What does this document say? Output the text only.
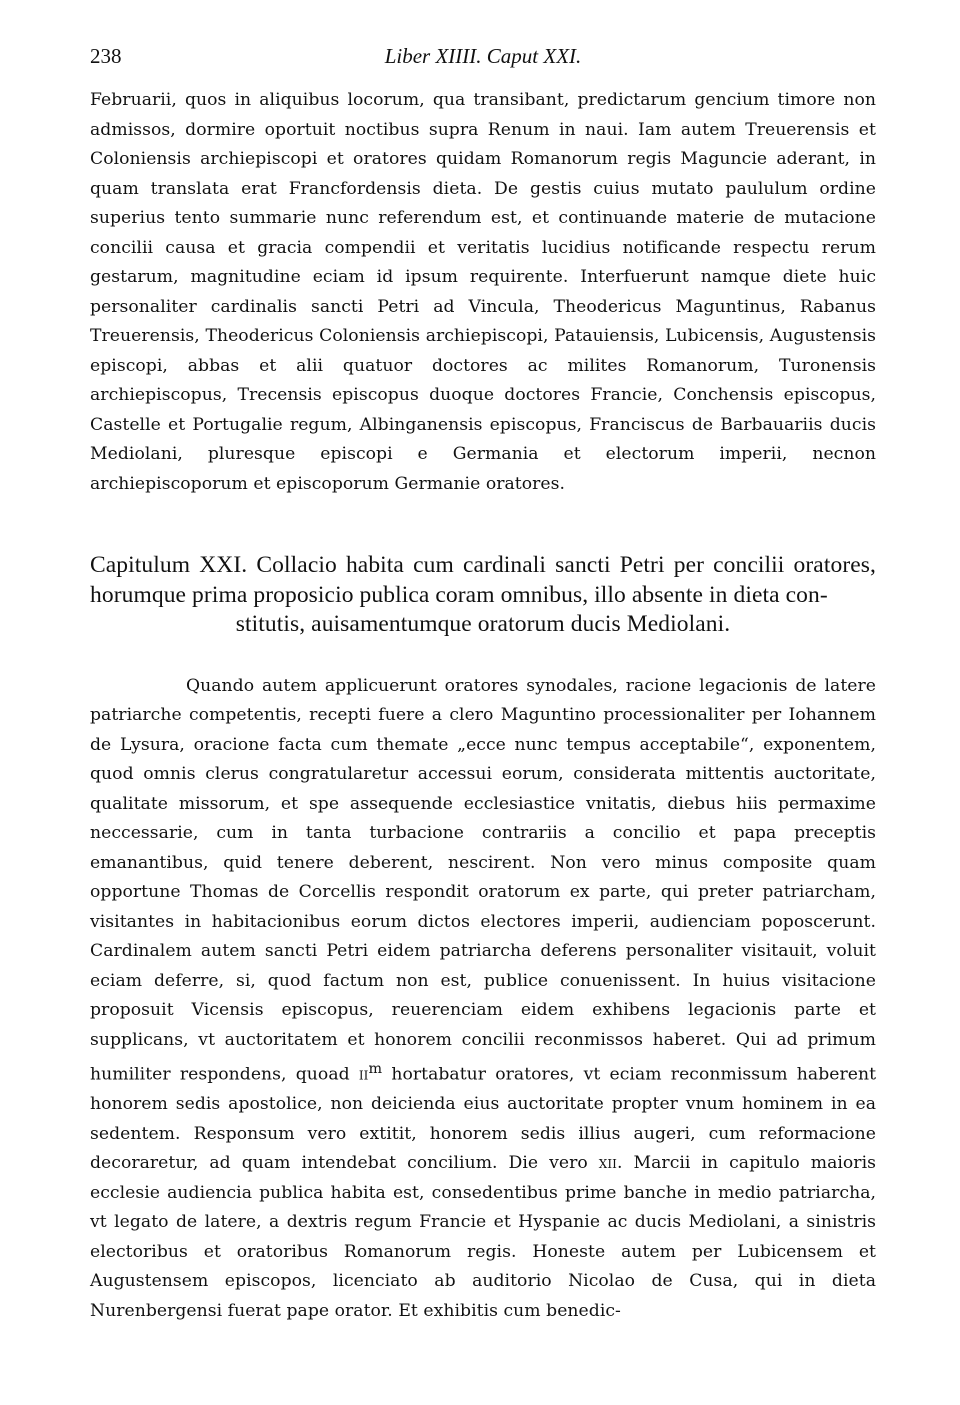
238	Liber XIIII. Caput XXI.

Februarii, quos in aliquibus locorum, qua transibant, predictarum gencium timore non admissos, dormire oportuit noctibus supra Renum in naui. Iam autem Treuerensis et Coloniensis archiepiscopi et oratores quidam Romanorum regis Maguncie aderant, in quam translata erat Francfordensis dieta. De gestis cuius mutato paululum ordine superius tento summarie nunc referendum est, et continuande materie de mutacione concilii causa et gracia compendii et veritatis lucidius notificande respectu rerum gestarum, magnitudine eciam id ipsum requirente. Interfuerunt namque diete huic personaliter cardinalis sancti Petri ad Vincula, Theodericus Maguntinus, Rabanus Treuerensis, Theodericus Coloniensis archiepiscopi, Patauiensis, Lubicensis, Augustensis episcopi, abbas et alii quatuor doctores ac milites Romanorum, Turonensis archiepiscopus, Trecensis episcopus duoque doctores Francie, Conchensis episcopus, Castelle et Portugalie regum, Albinganensis episcopus, Franciscus de Barbauariis ducis Mediolani, pluresque episcopi e Germania et electorum imperii, necnon archiepiscoporum et episcoporum Germanie oratores.

Capitulum XXI. Collacio habita cum cardinali sancti Petri per concilii oratores, horumque prima proposicio publica coram omnibus, illo absente in dieta con-
stitutis, auisamentumque oratorum ducis Mediolani.

Quando autem applicuerunt oratores synodales, racione legacionis de latere patriarche competentis, recepti fuere a clero Maguntino processionaliter per Iohannem de Lysura, oracione facta cum themate „ecce nunc tempus acceptabile“, exponentem, quod omnis clerus congratularetur accessui eorum, considerata mittentis auctoritate, qualitate missorum, et spe assequende ecclesiastice vnitatis, diebus hiis permaxime neccessarie, cum in tanta turbacione contrariis a concilio et papa preceptis emanantibus, quid tenere deberent, nescirent. Non vero minus composite quam opportune Thomas de Corcellis respondit oratorum ex parte, qui preter patriarcham, visitantes in habitacionibus eorum dictos electores imperii, audienciam poposcerunt. Cardinalem autem sancti Petri eidem patriarcha deferens personaliter visitauit, voluit eciam deferre, si, quod factum non est, publice conuenissent. In huius visitacione proposuit Vicensis episcopus, reuerenciam eidem exhibens legacionis parte et supplicans, vt auctoritatem et honorem concilii reconmissos haberet. Qui ad primum humiliter respondens, quoad $ii^m$ hortabatur oratores, vt eciam reconmissum haberent honorem sedis apostolice, non deicienda eius auctoritate propter vnum hominem in ea sedentem. Responsum vero extitit, honorem sedis illius augeri, cum reformacione decoraretur, ad quam intendebat concilium. Die vero xii. Marcii in capitulo maioris ecclesie audiencia publica habita est, consedentibus prime banche in medio patriarcha, vt legato de latere, a dextris regum Francie et Hyspanie ac ducis Mediolani, a sinistris electoribus et oratoribus Romanorum regis. Honeste autem per Lubicensem et Augustensem episcopos, licenciato ab auditorio Nicolao de Cusa, qui in dieta Nurenbergensi fuerat pape orator. Et exhibitis cum benedic-
